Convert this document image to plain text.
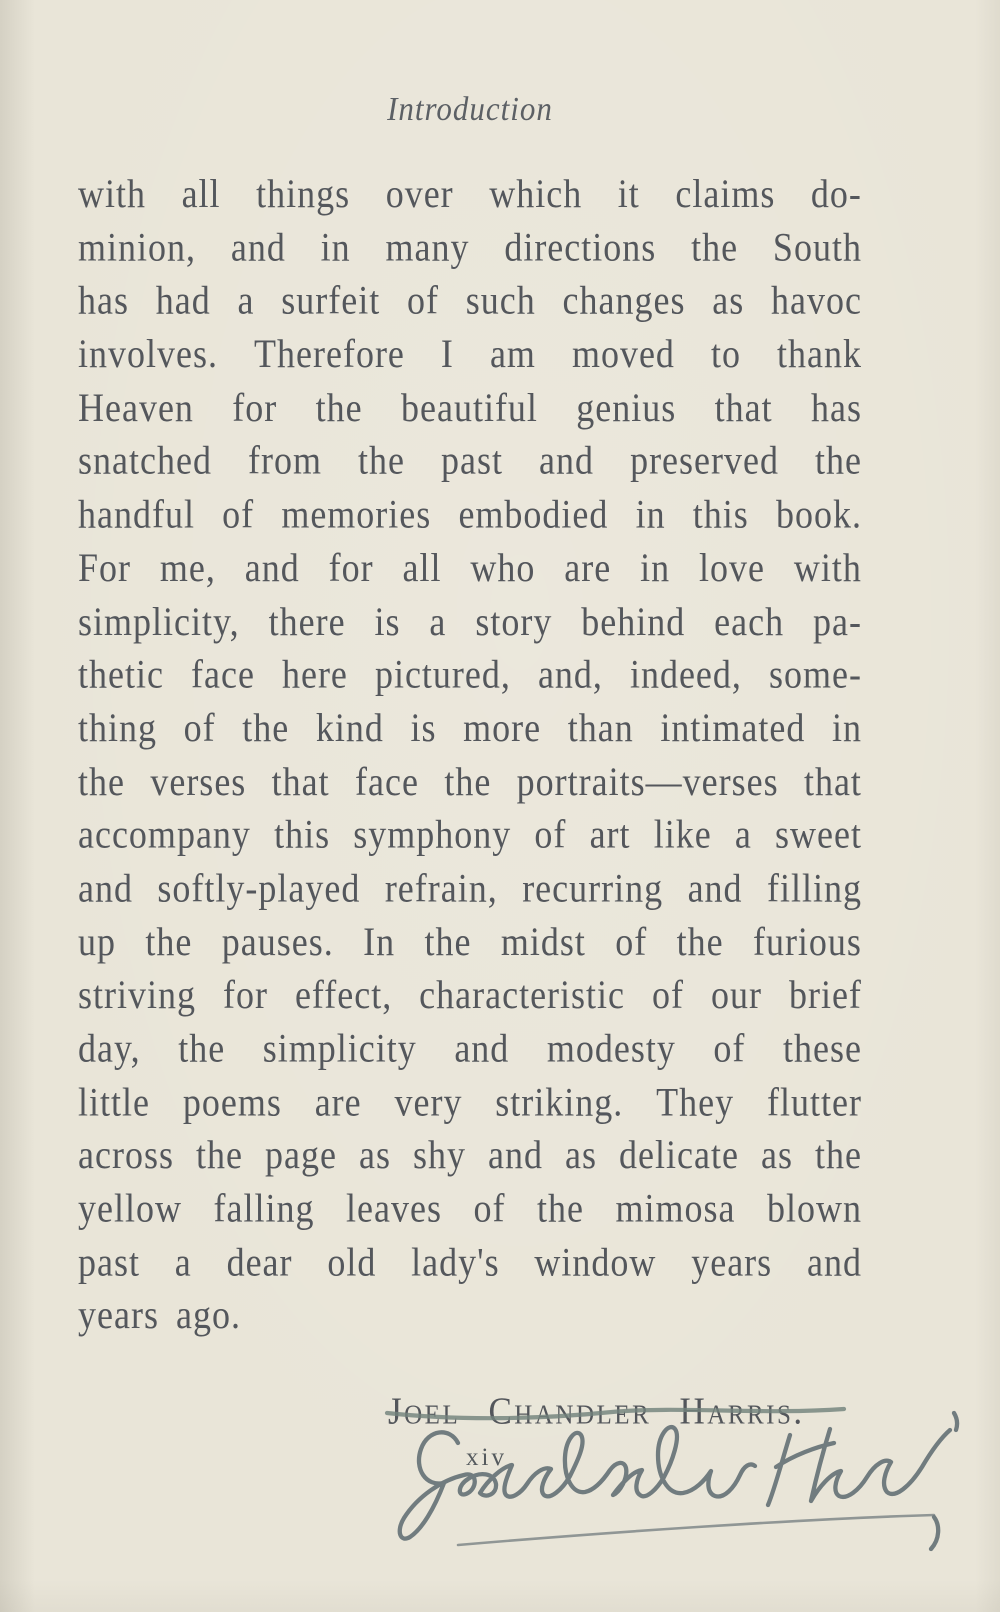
Introduction
with all things over which it claims do-
minion, and in many directions the South
has had a surfeit of such changes as havoc
involves. Therefore I am moved to thank
Heaven for the beautiful genius that has
snatched from the past and preserved the
handful of memories embodied in this book.
For me, and for all who are in love with
simplicity, there is a story behind each pa-
thetic face here pictured, and, indeed, some-
thing of the kind is more than intimated in
the verses that face the portraits—verses that
accompany this symphony of art like a sweet
and softly-played refrain, recurring and filling
up the pauses. In the midst of the furious
striving for effect, characteristic of our brief
day, the simplicity and modesty of these
little poems are very striking. They flutter
across the page as shy and as delicate as the
yellow falling leaves of the mimosa blown
past a dear old lady's window years and
years ago.
Joel Chandler Harris.
xiv
